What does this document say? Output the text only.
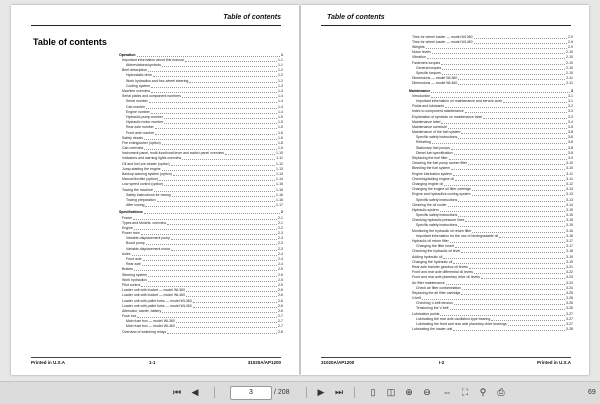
Table of contents
Table of contents
Operation	1
Important information about this manual	1-1
Abbreviations/symbols	1-1
Brief description	1-2
Hydrostatic drive	1-2
Work hydraulics and four-wheel steering	1-2
Cooling system	1-3
Machine overview	1-3
Serial plates and component numbers	1-4
Serial number	1-4
Cab number	1-4
Engine number	1-4
Hydraulic pump number	1-5
Hydraulic motor number	1-5
Rear axle number	1-5
Front axle number	1-5
Safety decals	1-6
Fire extinguisher (option)	1-8
Cab overview	1-9
Instrument panel, multi-functional lever and switch panel overview	1-10
Indicators and warning lights overview	1-11
Oil and fuel pre-heater (option)	1-12
Jump-starting the engine	1-13
Backup warning system (option)	1-13
Manual throttle (option)	1-14
Low speed control (option)	1-15
Towing the machine	1-16
Safety instructions for towing	1-16
Towing preparation	1-16
After towing	1-17
Specifications	2
Frame	2-1
Types and Models: overview	2-1
Engine	2-2
Power train	2-3
Variable-displacement pump	2-3
Boost pump	2-3
Variable-displacement motor	2-3
Axles	2-4
Front axle	2-4
Rear axle	2-4
Brakes	2-5
Steering system	2-5
Work hydraulics	2-5
Pilot control	2-5
Loader unit with bucket — model WL360	2-6
Loader unit with bucket — model WL460	2-6
Loader unit with pallet forks — model WL360	2-6
Loader unit with pallet forks — model WL460	2-6
Alternator, starter, battery	2-6
Fuse box	2-7
Main fuse box — model WL360	2-7
Main fuse box — model WL460	2-7
Overview of switching relays	2-8
Printed in U.S.A	1-1	31020A/AP1200
Table of contents
Tires for wheel loader — model WL360	2-9
Tires for wheel loader — model WL460	2-9
Weights	2-9
Noise levels	2-10
Vibration	2-10
Fasteners torques	2-10
General torques	2-10
Specific torques	2-10
Dimensions — model WL360	2-11
Dimensions — model WL460	2-11
Maintenance	3
Introduction	3-1
Important information on maintenance and service work	3-1
Fluids and lubricants	3-2
Index to component maintenance	3-3
Explanation of symbols on maintenance label	3-3
Maintenance label	3-4
Maintenance schedule	3-5
Maintenance of the fuel system	3-8
Specific safety instructions	3-8
Refueling	3-8
Stationary fuel pumps	3-8
Diesel fuel specification	3-8
Replacing the fuel filter	3-9
Cleaning the fuel pump screen filter	3-10
Bleeding the fuel system	3-10
Engine lubrication system	3-11
Checking/adding engine oil	3-11
Changing engine oil	3-12
Changing the engine oil filter cartridge	3-13
Engine and hydraulics cooling system	3-13
Specific safety instructions	3-13
Cleaning the oil cooler	3-14
Hydraulic system	3-15
Specific safety instructions	3-15
Checking hydraulic pressure lines	3-15
Specific safety instructions	3-15
Monitoring the hydraulic oil return filter	3-16
Important information for the use of biodegradable oil	3-16
Hydraulic oil return filter	3-17
Changing the filter insert	3-17
Checking the hydraulic oil level	3-18
Adding hydraulic oil	3-19
Changing the hydraulic oil	3-19
Rear axle transfer gearbox oil levels	3-21
Front and rear axle differential oil levels	3-22
Front and rear axle planetary drive oil levels	3-23
Air filter maintenance	3-24
Check air filter contamination	3-24
Replacing the air filter cartridge	3-25
V-belt	3-26
Checking V-belt tension	3-26
Tensioning the V-belt	3-26
Lubrication points	3-27
Lubricating the rear axle oscillation-type bearing	3-27
Lubricating the front and rear axle planetary drive bearings	3-27
Lubricating the loader unit	3-28
31020A/AP1200	I-2	Printed in U.S.A
⏮	◀	3	/ 208	▶	⏭	▯	◫	⊕	⊖	⇔	⛶	⚲	⎙	69
